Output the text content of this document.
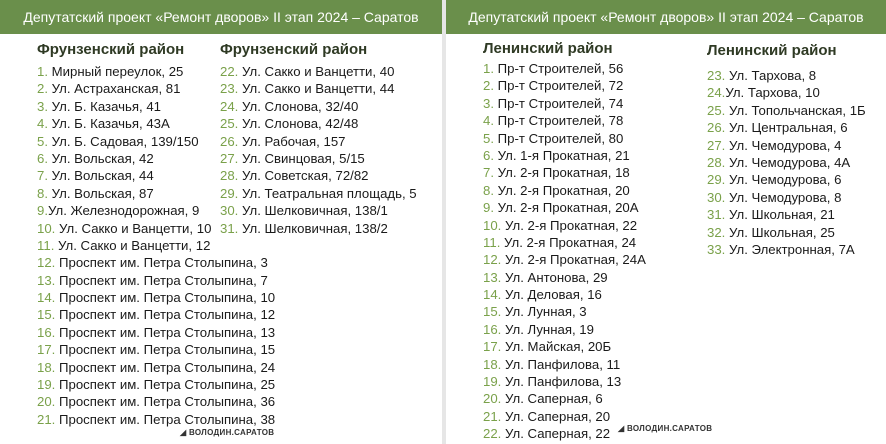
Депутатский проект «Ремонт дворов» II этап 2024 – Саратов
Фрунзенский район
1. Мирный переулок, 25
2. Ул. Астраханская, 81
3. Ул. Б. Казачья, 41
4. Ул. Б. Казачья, 43А
5. Ул. Б. Садовая, 139/150
6. Ул. Вольская, 42
7. Ул. Вольская, 44
8. Ул. Вольская, 87
9.Ул. Железнодорожная, 9
10. Ул. Сакко и Ванцетти, 10
11. Ул. Сакко и Ванцетти, 12
12. Проспект им. Петра Столыпина, 3
13. Проспект им. Петра Столыпина, 7
14. Проспект им. Петра Столыпина, 10
15. Проспект им. Петра Столыпина, 12
16. Проспект им. Петра Столыпина, 13
17. Проспект им. Петра Столыпина, 15
18. Проспект им. Петра Столыпина, 24
19. Проспект им. Петра Столыпина, 25
20. Проспект им. Петра Столыпина, 36
21. Проспект им. Петра Столыпина, 38
Фрунзенский район
22. Ул. Сакко и Ванцетти, 40
23. Ул. Сакко и Ванцетти, 44
24. Ул. Слонова, 32/40
25. Ул. Слонова, 42/48
26. Ул. Рабочая, 157
27. Ул. Свинцовая, 5/15
28. Ул. Советская, 72/82
29. Ул. Театральная площадь, 5
30. Ул. Шелковичная, 138/1
31. Ул. Шелковичная, 138/2
◢ ВОЛОДИН.САРАТОВ
Депутатский проект «Ремонт дворов» II этап 2024 – Саратов
Ленинский район
1. Пр-т Строителей, 56
2. Пр-т Строителей, 72
3. Пр-т Строителей, 74
4. Пр-т Строителей, 78
5. Пр-т Строителей, 80
6. Ул. 1-я Прокатная, 21
7. Ул. 2-я Прокатная, 18
8. Ул. 2-я Прокатная, 20
9. Ул. 2-я Прокатная, 20А
10. Ул. 2-я Прокатная, 22
11. Ул. 2-я Прокатная, 24
12. Ул. 2-я Прокатная, 24А
13. Ул. Антонова, 29
14. Ул. Деловая, 16
15. Ул. Лунная, 3
16. Ул. Лунная, 19
17. Ул. Майская, 20Б
18. Ул. Панфилова, 11
19. Ул. Панфилова, 13
20. Ул. Саперная, 6
21. Ул. Саперная, 20
22. Ул. Саперная, 22
Ленинский район
23. Ул. Тархова, 8
24.Ул. Тархова, 10
25. Ул. Топольчанская, 1Б
26. Ул. Центральная, 6
27. Ул. Чемодурова, 4
28. Ул. Чемодурова, 4А
29. Ул. Чемодурова, 6
30. Ул. Чемодурова, 8
31. Ул. Школьная, 21
32. Ул. Школьная, 25
33. Ул. Электронная, 7А
◢ ВОЛОДИН.САРАТОВ
